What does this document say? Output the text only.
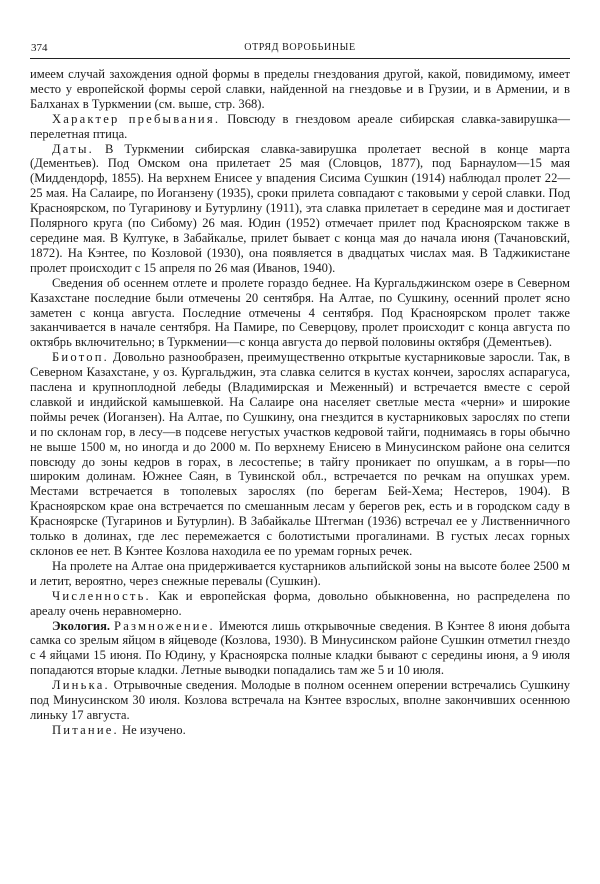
374	ОТРЯД ВОРОБЬИНЫЕ

имеем случай захождения одной формы в пределы гнездования другой, какой, повидимому, имеет место у европейской формы серой славки, найденной на гнездовье и в Грузии, и в Армении, и в Балханах в Туркмении (см. выше, стр. 368).

Характер пребывания. Повсюду в гнездовом ареале сибирская славка-завирушка—перелетная птица.

Даты. В Туркмении сибирская славка-завирушка пролетает весной в конце марта (Дементьев). Под Омском она прилетает 25 мая (Словцов, 1877), под Барнаулом—15 мая (Миддендорф, 1855). На верхнем Енисее у впадения Сисима Сушкин (1914) наблюдал пролет 22—25 мая. На Салаире, по Иоганзену (1935), сроки прилета совпадают с таковыми у серой славки. Под Красноярском, по Тугаринову и Бутурлину (1911), эта славка прилетает в середине мая и достигает Полярного круга (по Сибому) 26 мая. Юдин (1952) отмечает прилет под Красноярском также в середине мая. В Култуке, в Забайкалье, прилет бывает с конца мая до начала июня (Тачановский, 1872). На Кэнтее, по Козловой (1930), она появляется в двадцатых числах мая. В Таджикистане пролет происходит с 15 апреля по 26 мая (Иванов, 1940).

Сведения об осеннем отлете и пролете гораздо беднее. На Кургальджинском озере в Северном Казахстане последние были отмечены 20 сентября. На Алтае, по Сушкину, осенний пролет ясно заметен с конца августа. Последние отмечены 4 сентября. Под Красноярском пролет также заканчивается в начале сентября. На Памире, по Северцову, пролет происходит с конца августа по октябрь включительно; в Туркмении—с конца августа до первой половины октября (Дементьев).

Биотоп. Довольно разнообразен, преимущественно открытые кустарниковые заросли. Так, в Северном Казахстане, у оз. Кургальджин, эта славка селится в кустах кончеи, зарослях аспарагуса, паслена и крупноплодной лебеды (Владимирская и Меженный) и встречается вместе с серой славкой и индийской камышевкой. На Салаире она населяет светлые места «черни» и широкие поймы речек (Иоганзен). На Алтае, по Сушкину, она гнездится в кустарниковых зарослях по степи и по склонам гор, в лесу—в подсеве негустых участков кедровой тайги, поднимаясь в горы обычно не выше 1500 м, но иногда и до 2000 м. По верхнему Енисею в Минусинском районе она селится повсюду до зоны кедров в горах, в лесостепье; в тайгу проникает по опушкам, а в горы—по широким долинам. Южнее Саян, в Тувинской обл., встречается по речкам на опушках урем. Местами встречается в тополевых зарослях (по берегам Бей-Хема; Нестеров, 1904). В Красноярском крае она встречается по смешанным лесам у берегов рек, есть и в городском саду в Красноярске (Тугаринов и Бутурлин). В Забайкалье Штегман (1936) встречал ее у Лиственничного только в долинах, где лес перемежается с болотистыми прогалинами. В густых лесах горных склонов ее нет. В Кэнтее Козлова находила ее по уремам горных речек.

На пролете на Алтае она придерживается кустарников альпийской зоны на высоте более 2500 м и летит, вероятно, через снежные перевалы (Сушкин).

Численность. Как и европейская форма, довольно обыкновенна, но распределена по ареалу очень неравномерно.

Экология. Размножение. Имеются лишь открывочные сведения. В Кэнтее 8 июня добыта самка со зрелым яйцом в яйцеводе (Козлова, 1930). В Минусинском районе Сушкин отметил гнездо с 4 яйцами 15 июня. По Юдину, у Красноярска полные кладки бывают с середины июня, а 9 июля попадаются вторые кладки. Летные выводки попадались там же 5 и 10 июля.

Линька. Отрывочные сведения. Молодые в полном осеннем оперении встречались Сушкину под Минусинском 30 июля. Козлова встречала на Кэнтее взрослых, вполне закончивших осеннюю линьку 17 августа.

Питание. Не изучено.
